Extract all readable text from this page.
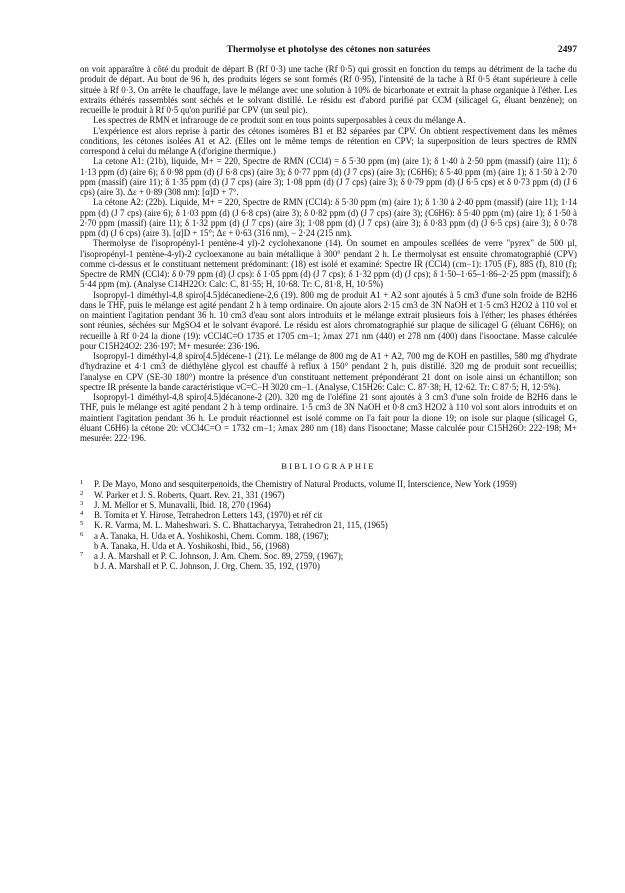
Thermolyse et photolyse des cétones non saturées	2497

on voit apparaître à côté du produit de départ B (Rf 0·3) une tache (Rf 0·5) qui grossit en fonction du temps au détriment de la tache du produit de départ. Au bout de 96 h, des produits légers se sont formés (Rf 0·95), l'intensité de la tache à Rf 0·5 étant supérieure à celle située à Rf 0·3. On arrête le chauffage, lave le mélange avec une solution à 10% de bicarbonate et extrait la phase organique à l'éther. Les extraits éthérés rassemblés sont séchés et le solvant distillé. Le résidu est d'abord purifié par CCM (silicagel G, éluant benzène); on recueille le produit à Rf 0·5 qu'on purifié par CPV (un seul pic).

Les spectres de RMN et infrarouge de ce produit sont en tous points superposables à ceux du mélange A.

L'expérience est alors reprise à partir des cétones isomères B1 et B2 séparées par CPV. On obtient respectivement dans les mêmes conditions, les cétones isolées A1 et A2. (Elles ont le même temps de rétention en CPV; la superposition de leurs spectres de RMN correspond à celui du mélange A (d'origine thermique.)

La cetone A1: (21b), liquide, M+ = 220, Spectre de RMN (CCl4) = δ 5·30 ppm (m) (aire 1); δ 1·40 à 2·50 ppm (massif) (aire 11); δ 1·13 ppm (d) (aire 6); δ 0·98 ppm (d) (J 6·8 cps) (aire 3); δ 0·77 ppm (d) (J 7 cps) (aire 3); (C6H6); δ 5·40 ppm (m) (aire 1); δ 1·50 à 2·70 ppm (massif) (aire 11); δ 1·35 ppm (d) (J 7 cps) (aire 3); 1·08 ppm (d) (J 7 cps) (aire 3); δ 0·79 ppm (d) (J 6·5 cps) et δ 0·73 ppm (d) (J 6 cps) (aire 3). Δε + 0·89 (308 nm): [α]D + 7°.

La cétone A2: (22b). Liquide, M+ = 220, Spectre de RMN (CCl4): δ 5·30 ppm (m) (aire 1); δ 1·30 à 2·40 ppm (massif) (aire 11); 1·14 ppm (d) (J 7 cps) (aire 6); δ 1·03 ppm (d) (J 6·8 cps) (aire 3); δ 0·82 ppm (d) (J 7 cps) (aire 3); (C6H6): δ 5·40 ppm (m) (aire 1); δ 1·50 à 2·70 ppm (massif) (aire 11); δ 1·32 ppm (d) (J 7 cps) (aire 3); 1·08 ppm (d) (J 7 cps) (aire 3); δ 0·83 ppm (d) (J 6·5 cps) (aire 3); δ 0·78 ppm (d) (J 6 cps) (aire 3). [α]D + 15°; Δε + 0·63 (316 nm), − 2·24 (215 nm).

Thermolyse de l'isopropényl-1 pentène-4 yl)-2 cyclohexanone (14). On soumet en ampoules scellées de verre "pyrex" de 500 µl, l'isopropényl-1 pentène-4-yl)-2 cycloexanone au bain métallique à 300° pendant 2 h. Le thermolysat est ensuite chromatographié (CPV) comme ci-dessus et le constituant nettement prédominant: (18) est isolé et examiné: Spectre IR (CCl4) (cm−1): 1705 (F), 885 (f), 810 (f); Spectre de RMN (CCl4): δ 0·79 ppm (d) (J cps): δ 1·05 ppm (d) (J 7 cps); δ 1·32 ppm (d) (J cps); δ 1·50–1·65–1·86–2·25 ppm (massif); δ 5·44 ppm (m). (Analyse C14H22O: Calc: C, 81·55; H, 10·68. Tr: C, 81·8, H, 10·5%)

Isopropyl-1 diméthyl-4,8 spiro[4.5]décanediene-2,6 (19). 800 mg de produit A1 + A2 sont ajoutés à 5 cm3 d'une soln froide de B2H6 dans le THF, puis le mélange est agité pendant 2 h à temp ordinaire. On ajoute alors 2·15 cm3 de 3N NaOH et 1·5 cm3 H2O2 à 110 vol et on maintient l'agitation pendant 36 h. 10 cm3 d'eau sont alors introduits et le mélange extrait plusieurs fois à l'éther; les phases éthérées sont réunies, séchées sur MgSO4 et le solvant évaporé. Le résidu est alors chromatographié sur plaque de silicagel G (éluant C6H6); on recueille à Rf 0·24 la dione (19): νCCl4C=O 1735 et 1705 cm−1; λmax 271 nm (440) et 278 nm (400) dans l'isooctane. Masse calculée pour C15H24O2: 236·197; M+ mesurée: 236·196.

Isopropyl-1 diméthyl-4,8 spiro[4.5]décene-1 (21). Le mélange de 800 mg de A1 + A2, 700 mg de KOH en pastilles, 580 mg d'hydrate d'hydrazine et 4·1 cm3 de diéthylène glycol est chauffé à reflux à 150° pendant 2 h, puis distillé. 320 mg de produit sont recueillis; l'analyse en CPV (SE-30 180°) montre la présence d'un constituant nettement prépondérant 21 dont on isole ainsi un échantillon; son spectre IR présente la bande caractéristique νC=C−H 3020 cm−1. (Analyse, C15H26: Calc: C. 87·38; H, 12·62. Tr: C 87·5; H, 12·5%).

Isopropyl-1 diméthyl-4,8 spiro[4.5]décanone-2 (20). 320 mg de l'oléfine 21 sont ajoutés à 3 cm3 d'une soln froide de B2H6 dans le THF, puis le mélange est agité pendant 2 h à temp ordinaire. 1·5 cm3 de 3N NaOH et 0·8 cm3 H2O2 à 110 vol sont alors introduits et on maintient l'agitation pendant 36 h. Le produit réactionnel est isolé comme on l'a fait pour la dione 19; on isole sur plaque (silicagel G, éluant C6H6) la cétone 20: νCCl4C=O = 1732 cm−1; λmax 280 nm (18) dans l'isooctane; Masse calculée pour C15H26O: 222·198; M+ mesurée: 222·196.

BIBLIOGRAPHIE
1 P. De Mayo, Mono and sesquiterpenoids, the Chemistry of Natural Products, volume II, Interscience, New York (1959)
2 W. Parker et J. S. Roberts, Quart. Rev. 21, 331 (1967)
3 J. M. Mellor et S. Munavalli, Ibid. 18, 270 (1964)
4 B. Tomita et Y. Hirose, Tetrahedron Letters 143, (1970) et réf cit
5 K. R. Varma, M. L. Maheshwari. S. C. Bhattacharyya, Tetrahedron 21, 115, (1965)
6 a A. Tanaka, H. Uda et A. Yoshikoshi, Chem. Comm. 188, (1967);
b A. Tanaka, H. Uda et A. Yoshikoshi, Ibid., 56, (1968)
7 a J. A. Marshall et P. C. Johnson, J. Am. Chem. Soc. 89, 2759, (1967);
b J. A. Marshall et P. C. Johnson, J. Org. Chem. 35, 192, (1970)
